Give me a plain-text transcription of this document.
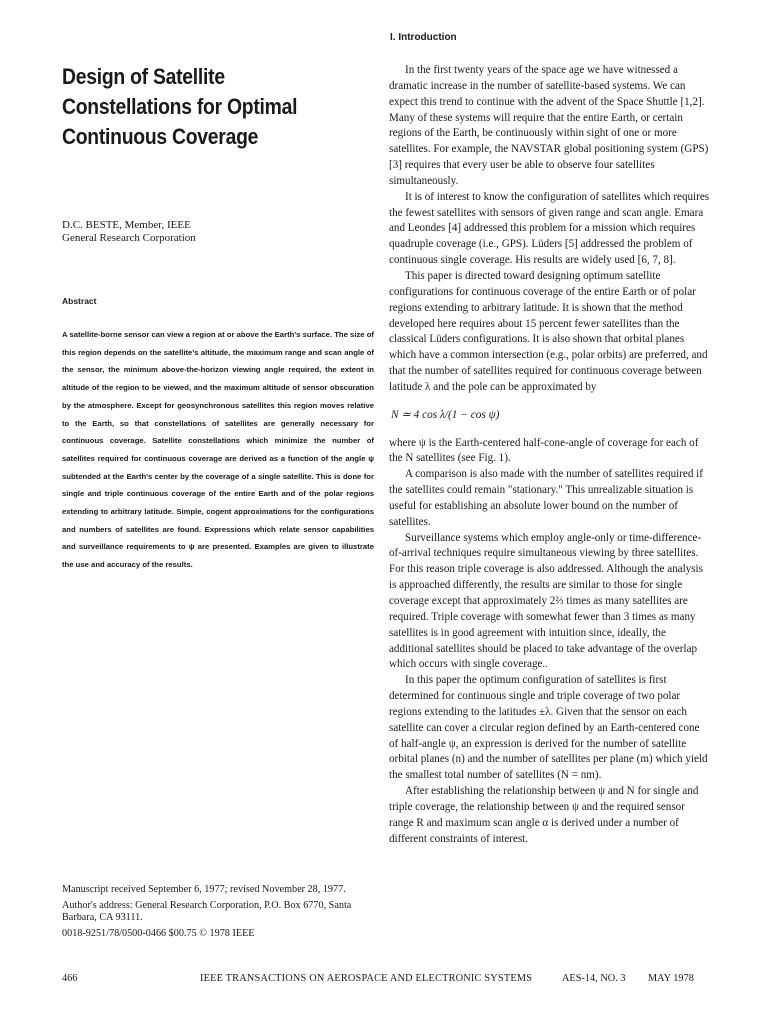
Design of Satellite
Constellations for Optimal
Continuous Coverage

D.C. BESTE, Member, IEEE

General Research Corporation

Abstract

A satellite-borne sensor can view a region at or above the Earth's surface. The size of this region depends on the satellite's altitude, the maximum range and scan angle of the sensor, the minimum above-the-horizon viewing angle required, the extent in altitude of the region to be viewed, and the maximum altitude of sensor obscuration by the atmosphere. Except for geosynchronous satellites this region moves relative to the Earth, so that constellations of satellites are generally necessary for continuous coverage. Satellite constellations which minimize the number of satellites required for continuous coverage are derived as a function of the angle ψ subtended at the Earth's center by the coverage of a single satellite. This is done for single and triple continuous coverage of the entire Earth and of the polar regions extending to arbitrary latitude. Simple, cogent approximations for the configurations and numbers of satellites are found. Expressions which relate sensor capabilities and surveillance requirements to ψ are presented. Examples are given to illustrate the use and accuracy of the results.

Manuscript received September 6, 1977; revised November 28, 1977.

Author's address: General Research Corporation, P.O. Box 6770, Santa Barbara, CA 93111.

0018-9251/78/0500-0466 $00.75 © 1978 IEEE

I. Introduction

In the first twenty years of the space age we have witnessed a dramatic increase in the number of satellite-based systems. We can expect this trend to continue with the advent of the Space Shuttle [1,2]. Many of these systems will require that the entire Earth, or certain regions of the Earth, be continuously within sight of one or more satellites. For example, the NAVSTAR global positioning system (GPS) [3] requires that every user be able to observe four satellites simultaneously.

It is of interest to know the configuration of satellites which requires the fewest satellites with sensors of given range and scan angle. Emara and Leondes [4] addressed this problem for a mission which requires quadruple coverage (i.e., GPS). Lüders [5] addressed the problem of continuous single coverage. His results are widely used [6, 7, 8].

This paper is directed toward designing optimum satellite configurations for continuous coverage of the entire Earth or of polar regions extending to arbitrary latitude. It is shown that the method developed here requires about 15 percent fewer satellites than the classical Lüders configurations. It is also shown that orbital planes which have a common intersection (e.g., polar orbits) are preferred, and that the number of satellites required for continuous coverage between latitude λ and the pole can be approximated by

N ≃ 4 cos λ/(1 − cos ψ)

where ψ is the Earth-centered half-cone-angle of coverage for each of the N satellites (see Fig. 1).

A comparison is also made with the number of satellites required if the satellites could remain "stationary." This unrealizable situation is useful for establishing an absolute lower bound on the number of satellites.

Surveillance systems which employ angle-only or time-difference-of-arrival techniques require simultaneous viewing by three satellites. For this reason triple coverage is also addressed. Although the analysis is approached differently, the results are similar to those for single coverage except that approximately 2⅔ times as many satellites are required. Triple coverage with somewhat fewer than 3 times as many satellites is in good agreement with intuition since, ideally, the additional satellites should be placed to take advantage of the overlap which occurs with single coverage..

In this paper the optimum configuration of satellites is first determined for continuous single and triple coverage of two polar regions extending to the latitudes ±λ. Given that the sensor on each satellite can cover a circular region defined by an Earth-centered cone of half-angle ψ, an expression is derived for the number of satellite orbital planes (n) and the number of satellites per plane (m) which yield the smallest total number of satellites (N = nm).

After establishing the relationship between ψ and N for single and triple coverage, the relationship between ψ and the required sensor range R and maximum scan angle α is derived under a number of different constraints of interest.

466	IEEE TRANSACTIONS ON AEROSPACE AND ELECTRONIC SYSTEMS	AES-14, NO. 3 MAY 1978
